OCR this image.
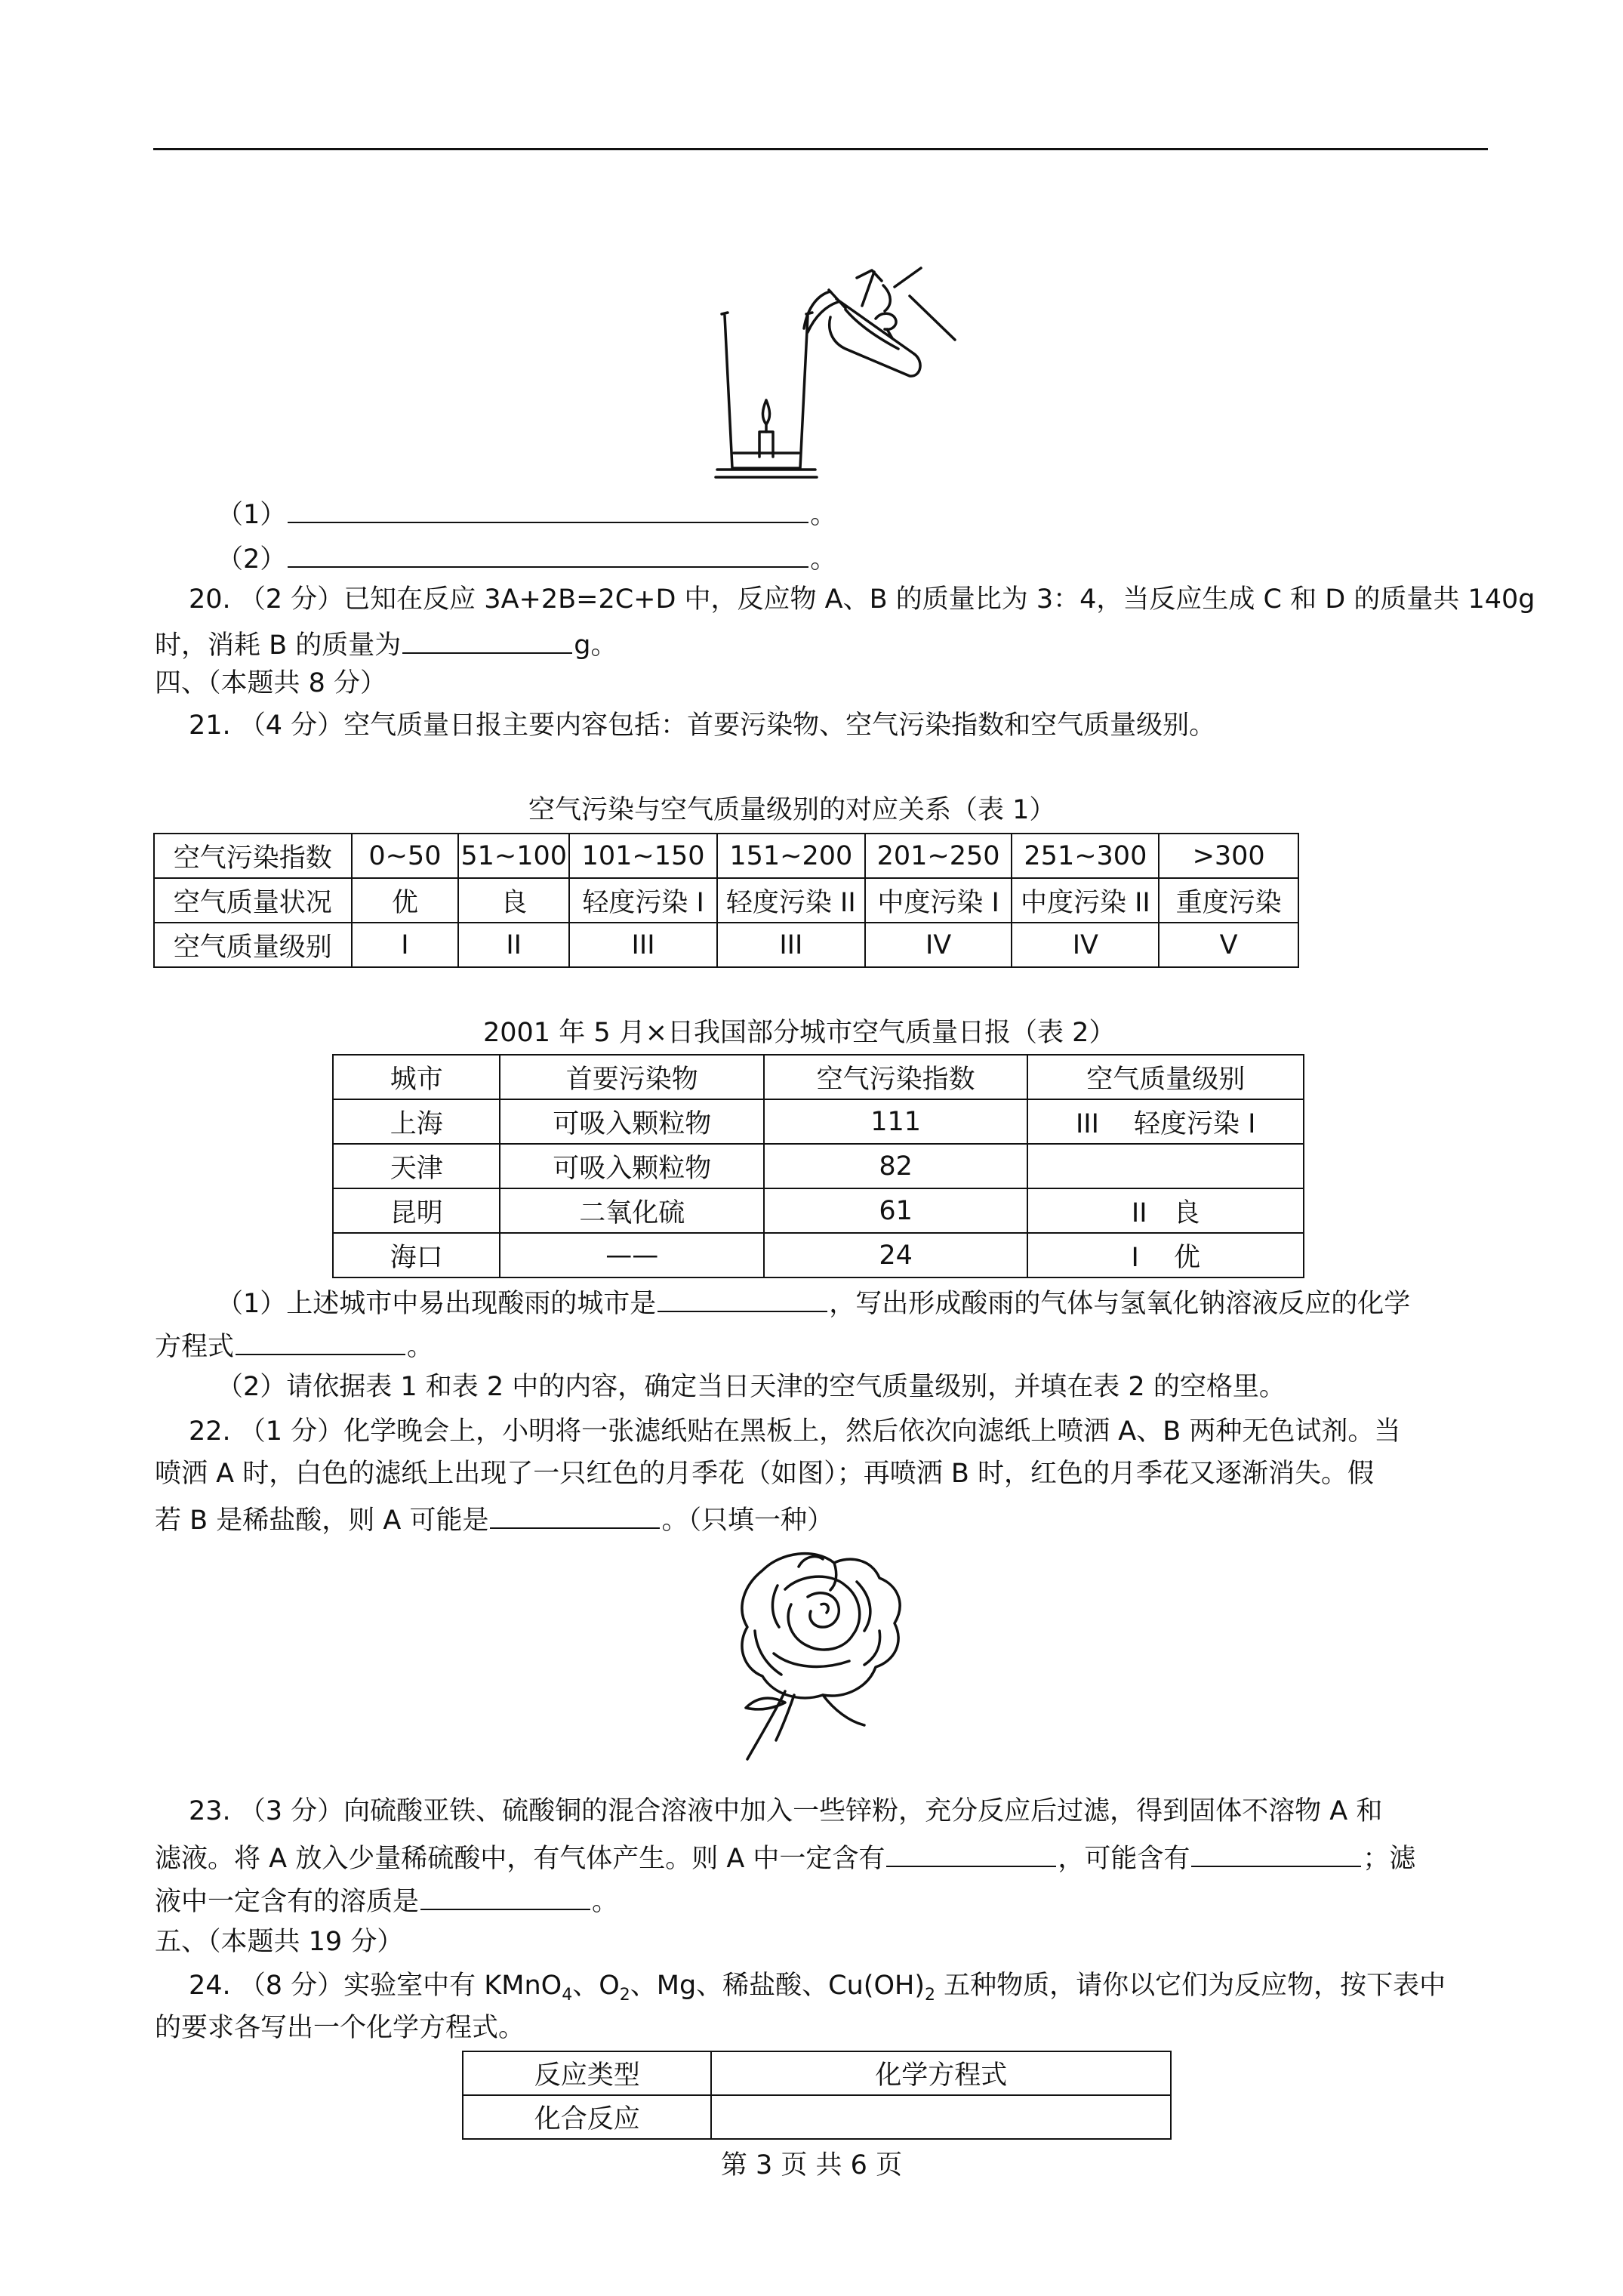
（1）	。
（2）	。
20. （2 分）已知在反应 3A+2B=2C+D 中，反应物 A、B 的质量比为 3：4，当反应生成 C 和 D 的质量共 140g
时，消耗 B 的质量为	g。
四、（本题共 8 分）
21. （4 分）空气质量日报主要内容包括：首要污染物、空气污染指数和空气质量级别。
空气污染与空气质量级别的对应关系（表 1）
空气污染指数	0~50	51~100	101~150	151~200	201~250	251~300	>300
空气质量状况	优	良	轻度污染 I	轻度污染 II	中度污染 I	中度污染 II	重度污染
空气质量级别	I	II	III	III	IV	IV	V
2001 年 5 月×日我国部分城市空气质量日报（表 2）
城市	首要污染物	空气污染指数	空气质量级别
上海	可吸入颗粒物	111	III　 轻度污染 I
天津	可吸入颗粒物	82	
昆明	二氧化硫	61	II　良
海口	——	24	I　 优
（1）上述城市中易出现酸雨的城市是	，写出形成酸雨的气体与氢氧化钠溶液反应的化学
方程式	。
（2）请依据表 1 和表 2 中的内容，确定当日天津的空气质量级别，并填在表 2 的空格里。
22. （1 分）化学晚会上，小明将一张滤纸贴在黑板上，然后依次向滤纸上喷洒 A、B 两种无色试剂。当
喷洒 A 时，白色的滤纸上出现了一只红色的月季花（如图）；再喷洒 B 时，红色的月季花又逐渐消失。假
若 B 是稀盐酸，则 A 可能是	。（只填一种）
23. （3 分）向硫酸亚铁、硫酸铜的混合溶液中加入一些锌粉，充分反应后过滤，得到固体不溶物 A 和
滤液。将 A 放入少量稀硫酸中，有气体产生。则 A 中一定含有	，可能含有	；滤
液中一定含有的溶质是	。
五、（本题共 19 分）
24. （8 分）实验室中有 KMnO$_4$、$O_2$、Mg、稀盐酸、$Cu(OH)_2$ 五种物质，请你以它们为反应物，按下表中
的要求各写出一个化学方程式。
反应类型	化学方程式
化合反应	
第 3 页 共 6 页
